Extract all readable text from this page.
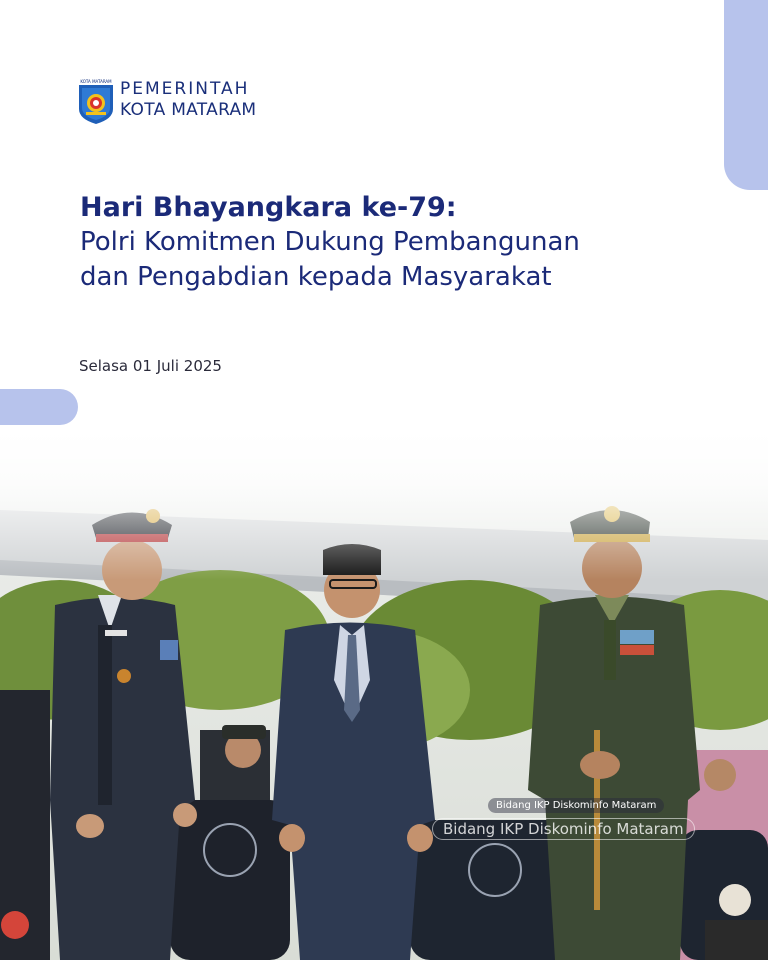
KOTA MATARAM PEMERINTAH
KOTA MATARAM
Hari Bhayangkara ke-79:
Polri Komitmen Dukung Pembangunan
dan Pengabdian kepada Masyarakat
Selasa 01 Juli 2025
Bidang IKP Diskominfo Mataram
Bidang IKP Diskominfo Mataram
